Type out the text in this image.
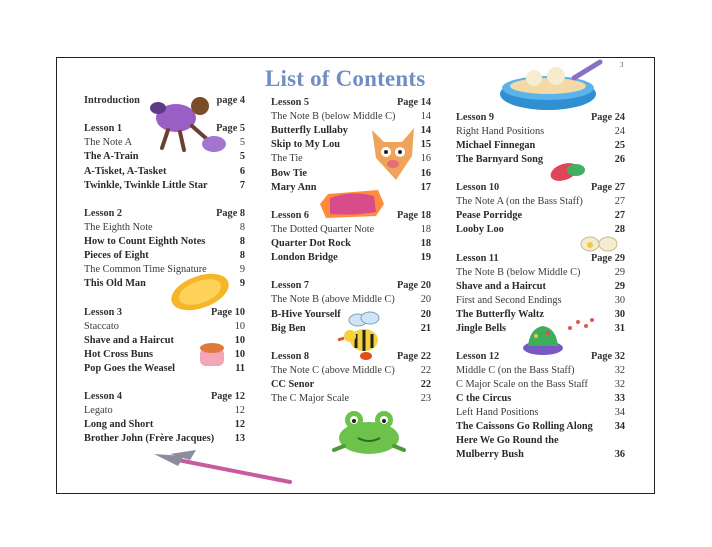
List of Contents
3
Introduction	page 4
Lesson 1	Page 5
The Note A	5
The A-Train	5
A-Tisket, A-Tasket	6
Twinkle, Twinkle Little Star	7
Lesson 2	Page 8
The Eighth Note	8
How to Count Eighth Notes	8
Pieces of Eight	8
The Common Time Signature	9
This Old Man	9
Lesson 3	Page 10
Staccato	10
Shave and a Haircut	10
Hot Cross Buns	10
Pop Goes the Weasel	11
Lesson 4	Page 12
Legato	12
Long and Short	12
Brother John (Frère Jacques) 13
Lesson 5	Page 14
The Note B (below Middle C) 14
Butterfly Lullaby	14
Skip to My Lou	15
The Tie	16
Bow Tie	16
Mary Ann	17
Lesson 6	Page 18
The Dotted Quarter Note	18
Quarter Dot Rock	18
London Bridge	19
Lesson 7	Page 20
The Note B (above Middle C)	20
B-Hive Yourself	20
Big Ben	21
Lesson 8	Page 22
The Note C (above Middle C)	22
CC Senor	22
The C Major Scale	23
Lesson 9	Page 24
Right Hand Positions	24
Michael Finnegan	25
The Barnyard Song	26
Lesson 10	Page 27
The Note A (on the Bass Staff)	27
Pease Porridge	27
Looby Loo	28
Lesson 11	Page 29
The Note B (below Middle C)	29
Shave and a Haircut	29
First and Second Endings	30
The Butterfly Waltz	30
Jingle Bells	31
Lesson 12	Page 32
Middle C (on the Bass Staff)	32
C Major Scale on the Bass Staff	32
C the Circus	33
Left Hand Positions	34
The Caissons Go Rolling Along 34
Here We Go Round the
Mulberry Bush	36
